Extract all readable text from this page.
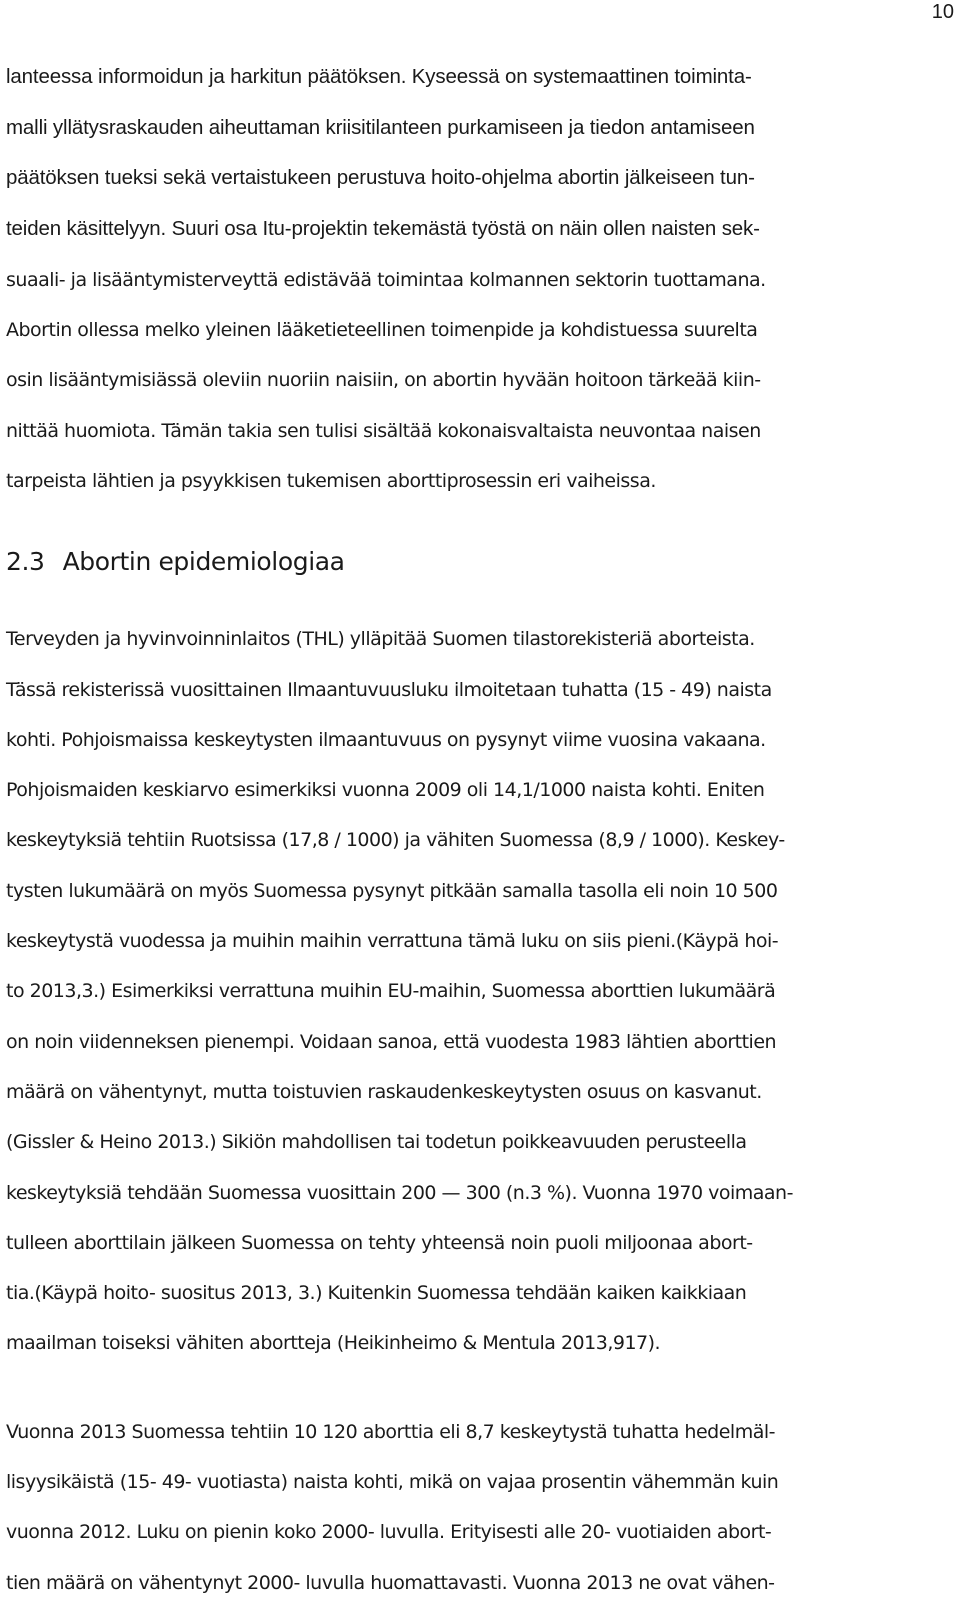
10
lanteessa informoidun ja harkitun päätöksen. Kyseessä on systemaattinen toiminta-
malli yllätysraskauden aiheuttaman kriisitilanteen purkamiseen ja tiedon antamiseen
päätöksen tueksi sekä vertaistukeen perustuva hoito-ohjelma abortin jälkeiseen tun-
teiden käsittelyyn. Suuri osa Itu-projektin tekemästä työstä on näin ollen naisten sek-
suaali- ja lisääntymisterveyttä edistävää toimintaa kolmannen sektorin tuottamana.
Abortin ollessa melko yleinen lääketieteellinen toimenpide ja kohdistuessa suurelta
osin lisääntymisiässä oleviin nuoriin naisiin, on abortin hyvään hoitoon tärkeää kiin-
nittää huomiota. Tämän takia sen tulisi sisältää kokonaisvaltaista neuvontaa naisen
tarpeista lähtien ja psyykkisen tukemisen aborttiprosessin eri vaiheissa.
2.3 Abortin epidemiologiaa
Terveyden ja hyvinvoinninlaitos (THL) ylläpitää Suomen tilastorekisteriä aborteista.
Tässä rekisterissä vuosittainen Ilmaantuvuusluku ilmoitetaan tuhatta (15 - 49) naista
kohti. Pohjoismaissa keskeytysten ilmaantuvuus on pysynyt viime vuosina vakaana.
Pohjoismaiden keskiarvo esimerkiksi vuonna 2009 oli 14,1/1000 naista kohti. Eniten
keskeytyksiä tehtiin Ruotsissa (17,8 / 1000) ja vähiten Suomessa (8,9 / 1000). Keskey-
tysten lukumäärä on myös Suomessa pysynyt pitkään samalla tasolla eli noin 10 500
keskeytystä vuodessa ja muihin maihin verrattuna tämä luku on siis pieni.(Käypä hoi-
to 2013,3.) Esimerkiksi verrattuna muihin EU-maihin, Suomessa aborttien lukumäärä
on noin viidenneksen pienempi. Voidaan sanoa, että vuodesta 1983 lähtien aborttien
määrä on vähentynyt, mutta toistuvien raskaudenkeskeytysten osuus on kasvanut.
(Gissler & Heino 2013.) Sikiön mahdollisen tai todetun poikkeavuuden perusteella
keskeytyksiä tehdään Suomessa vuosittain 200 — 300 (n.3 %). Vuonna 1970 voimaan-
tulleen aborttilain jälkeen Suomessa on tehty yhteensä noin puoli miljoonaa abort-
tia.(Käypä hoito- suositus 2013, 3.) Kuitenkin Suomessa tehdään kaiken kaikkiaan
maailman toiseksi vähiten abortteja (Heikinheimo & Mentula 2013,917).
Vuonna 2013 Suomessa tehtiin 10 120 aborttia eli 8,7 keskeytystä tuhatta hedelmäl-
lisyysikäistä (15- 49- vuotiasta) naista kohti, mikä on vajaa prosentin vähemmän kuin
vuonna 2012. Luku on pienin koko 2000- luvulla. Erityisesti alle 20- vuotiaiden abort-
tien määrä on vähentynyt 2000- luvulla huomattavasti. Vuonna 2013 ne ovat vähen-
